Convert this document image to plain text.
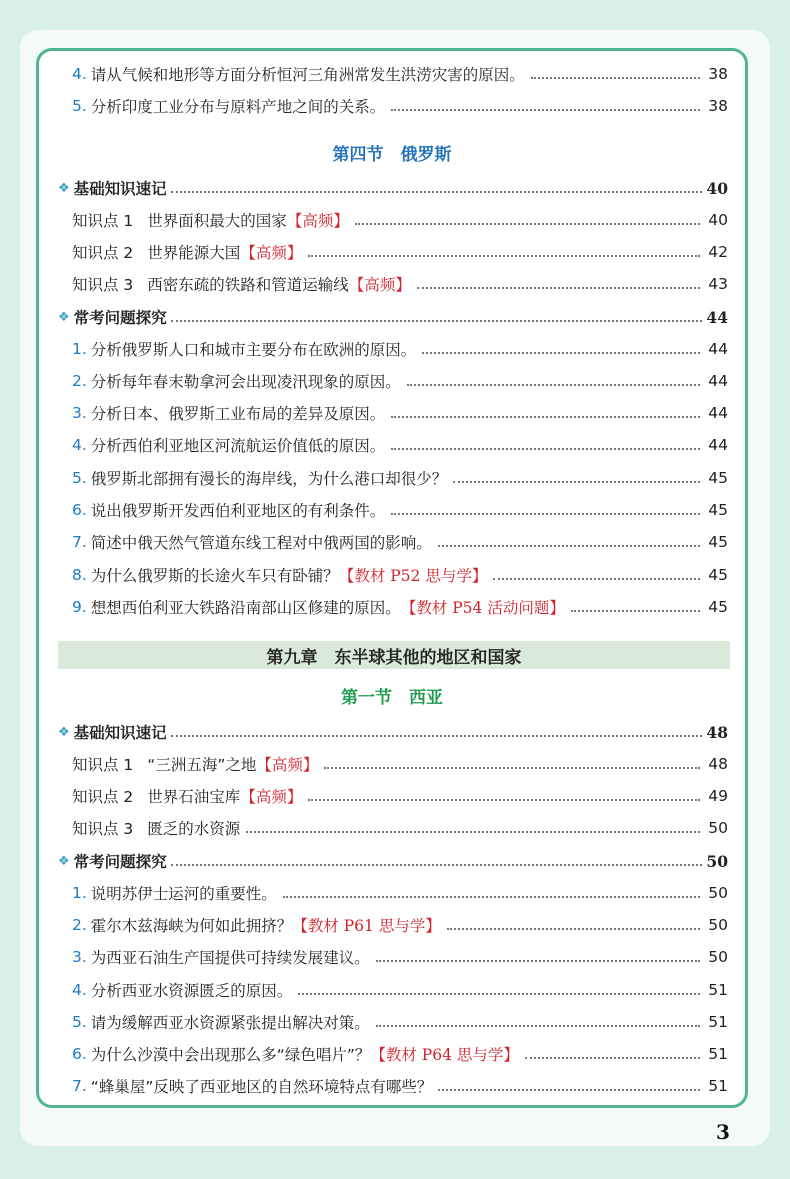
4. 请从气候和地形等方面分析恒河三角洲常发生洪涝灾害的原因。	38
5. 分析印度工业分布与原料产地之间的关系。	38
第四节　俄罗斯
❖ 基础知识速记	40
知识点 1 世界面积最大的国家 【高频】	40
知识点 2 世界能源大国 【高频】	42
知识点 3 西密东疏的铁路和管道运输线 【高频】	43
❖ 常考问题探究	44
1. 分析俄罗斯人口和城市主要分布在欧洲的原因。	44
2. 分析每年春末勒拿河会出现凌汛现象的原因。	44
3. 分析日本、俄罗斯工业布局的差异及原因。	44
4. 分析西伯利亚地区河流航运价值低的原因。	44
5. 俄罗斯北部拥有漫长的海岸线，为什么港口却很少？	45
6. 说出俄罗斯开发西伯利亚地区的有利条件。	45
7. 简述中俄天然气管道东线工程对中俄两国的影响。	45
8. 为什么俄罗斯的长途火车只有卧铺？ 【教材 P52 思与学】	45
9. 想想西伯利亚大铁路沿南部山区修建的原因。 【教材 P54 活动问题】	45
第九章　东半球其他的地区和国家
第一节　西亚
❖ 基础知识速记	48
知识点 1 “三洲五海”之地 【高频】	48
知识点 2 世界石油宝库 【高频】	49
知识点 3 匮乏的水资源	50
❖ 常考问题探究	50
1. 说明苏伊士运河的重要性。	50
2. 霍尔木兹海峡为何如此拥挤？ 【教材 P61 思与学】	50
3. 为西亚石油生产国提供可持续发展建议。	50
4. 分析西亚水资源匮乏的原因。	51
5. 请为缓解西亚水资源紧张提出解决对策。	51
6. 为什么沙漠中会出现那么多“绿色唱片”？ 【教材 P64 思与学】	51
7. “蜂巢屋”反映了西亚地区的自然环境特点有哪些？	51
3
